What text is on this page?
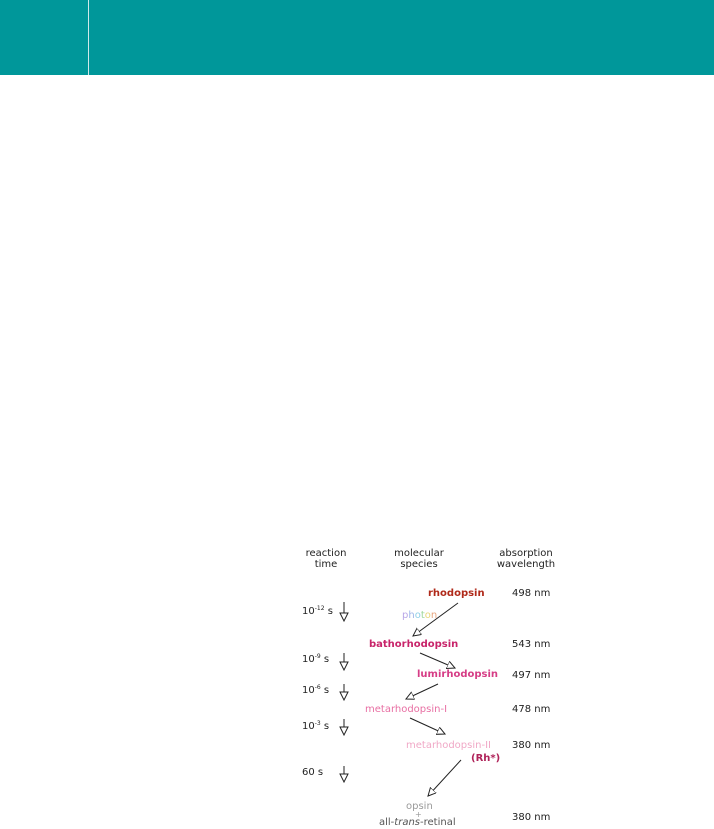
reaction
time
molecular
species
absorption
wavelength
photon
rhodopsin
bathorhodopsin
lumirhodopsin
metarhodopsin-I
metarhodopsin-II
(Rh*)
opsin
+
all-trans-retinal
498 nm
543 nm
497 nm
478 nm
380 nm
380 nm
$10^{-12}$ s
$10^{-9}$ s
$10^{-6}$ s
$10^{-3}$ s
60 s
